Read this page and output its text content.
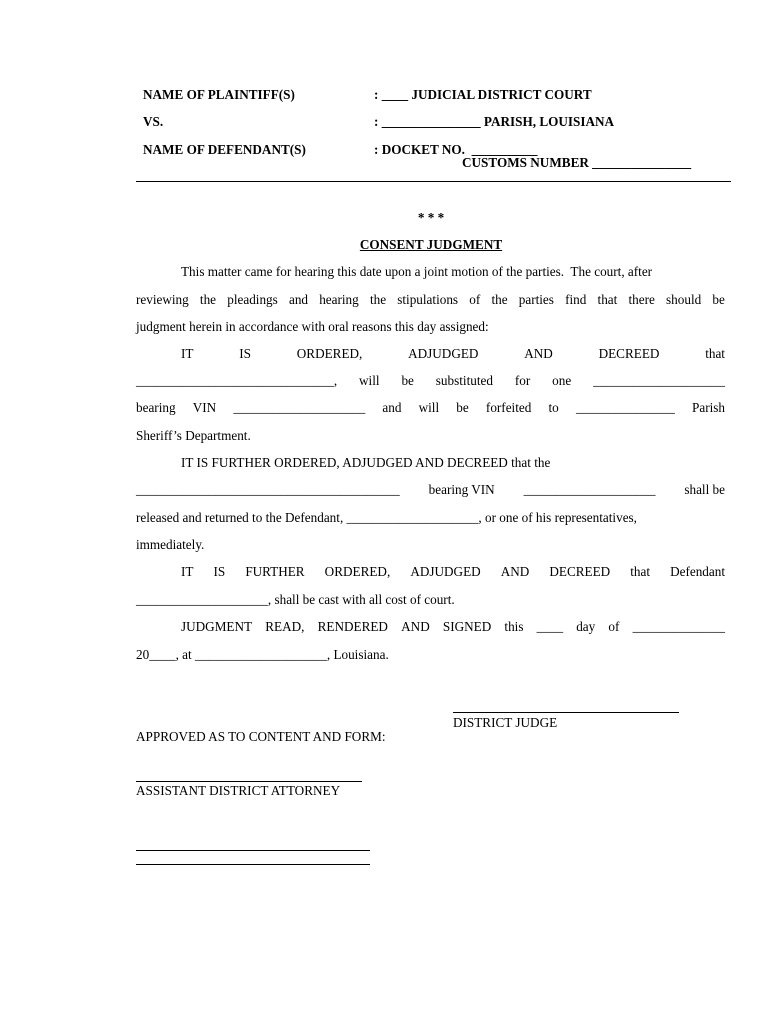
NAME OF PLAINTIFF(S)	: ____ JUDICIAL DISTRICT COURT
VS.	: _______________ PARISH, LOUISIANA
NAME OF DEFENDANT(S)	: DOCKET NO.  __________
CUSTOMS NUMBER _______________
* * *
CONSENT JUDGMENT
This matter came for hearing this date upon a joint motion of the parties.  The court, after
reviewing the pleadings and hearing the stipulations of the parties find that there should be
judgment herein in accordance with oral reasons this day assigned:
IT	IS	ORDERED,	ADJUDGED	AND	DECREED	that
______________________________, will be substituted for one ____________________
bearing VIN ____________________ and will be forfeited to _______________ Parish
Sheriff’s Department.
IT IS FURTHER ORDERED, ADJUDGED AND DECREED that the
________________________________________ bearing VIN ____________________ shall be
released and returned to the Defendant, ____________________, or one of his representatives,
immediately.
IT IS FURTHER ORDERED, ADJUDGED AND DECREED that Defendant
____________________, shall be cast with all cost of court.
JUDGMENT READ, RENDERED AND SIGNED this ____ day of ______________
20____, at ____________________, Louisiana.
DISTRICT JUDGE
APPROVED AS TO CONTENT AND FORM:
ASSISTANT DISTRICT ATTORNEY
